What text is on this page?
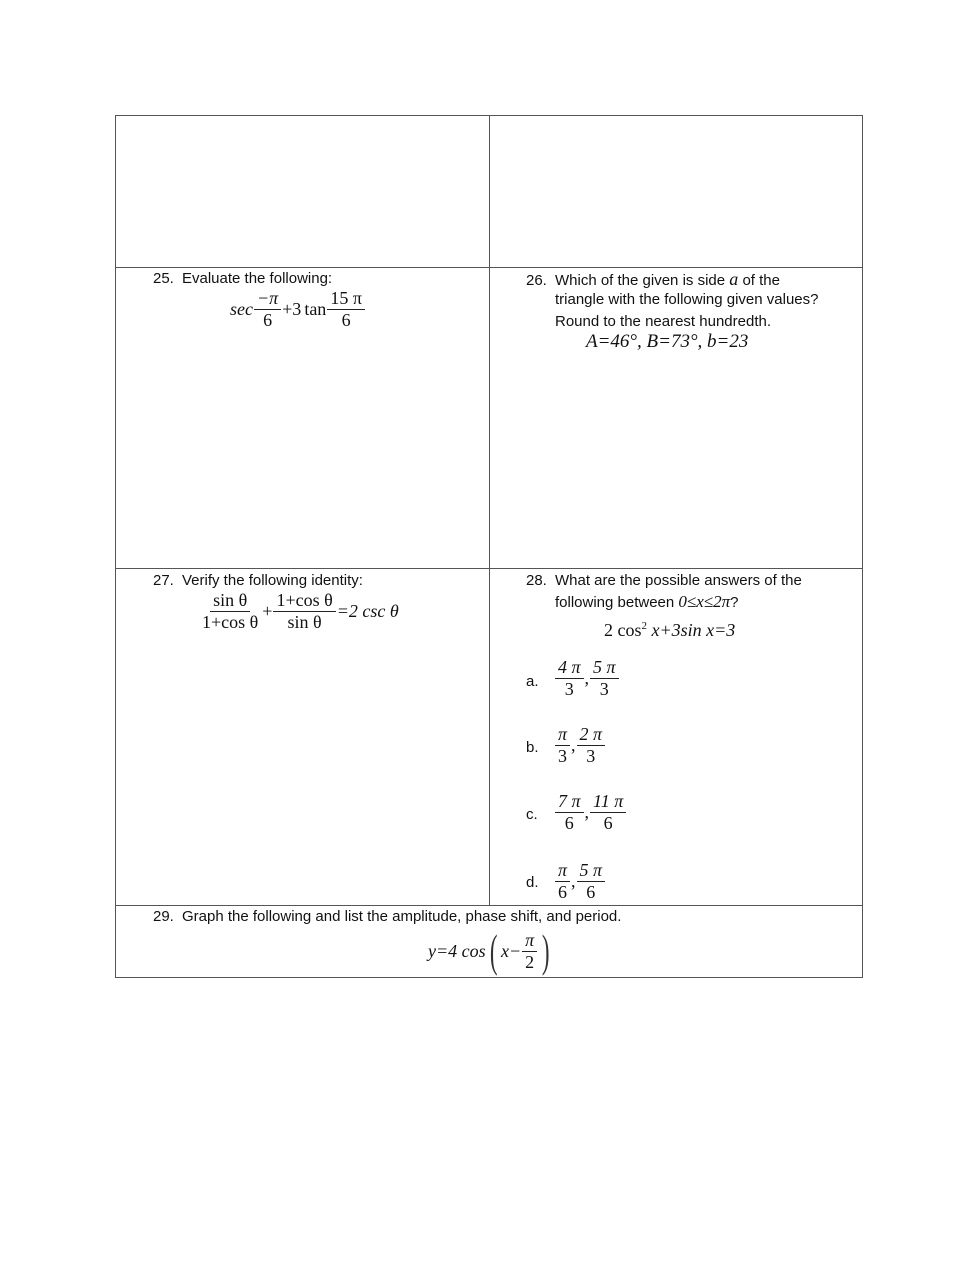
25. Evaluate the following:
$\sec \frac{-\pi}{6} +3$ $\tan \frac{15 \pi}{6}$
26. Which of the given is side a of the
triangle with the following given values?
Round to the nearest hundredth.
A=46°, B=73°, b=23
27. Verify the following identity:
$\frac{\text{sin θ}}{\text{1+cos θ}} + \frac{\text{1+cos θ}}{\text{sin θ}} =2$ csc θ
28. What are the possible answers of the
following between 0≤x≤2π?
2 $\cos^2 x+3\sin$ x=3
a. $\frac{4 \pi}{3}$ , $\frac{5 \pi}{3}$
b. $\frac{\pi}{3}$ , $\frac{2 \pi}{3}$
c. $\frac{7 \pi}{6}$ , $\frac{11 \pi}{6}$
d. $\frac{\pi}{6}$ , $\frac{5 \pi}{6}$
29. Graph the following and list the amplitude, phase shift, and period.
y=4 cos ( $x- \frac{\pi}{2}$ )
